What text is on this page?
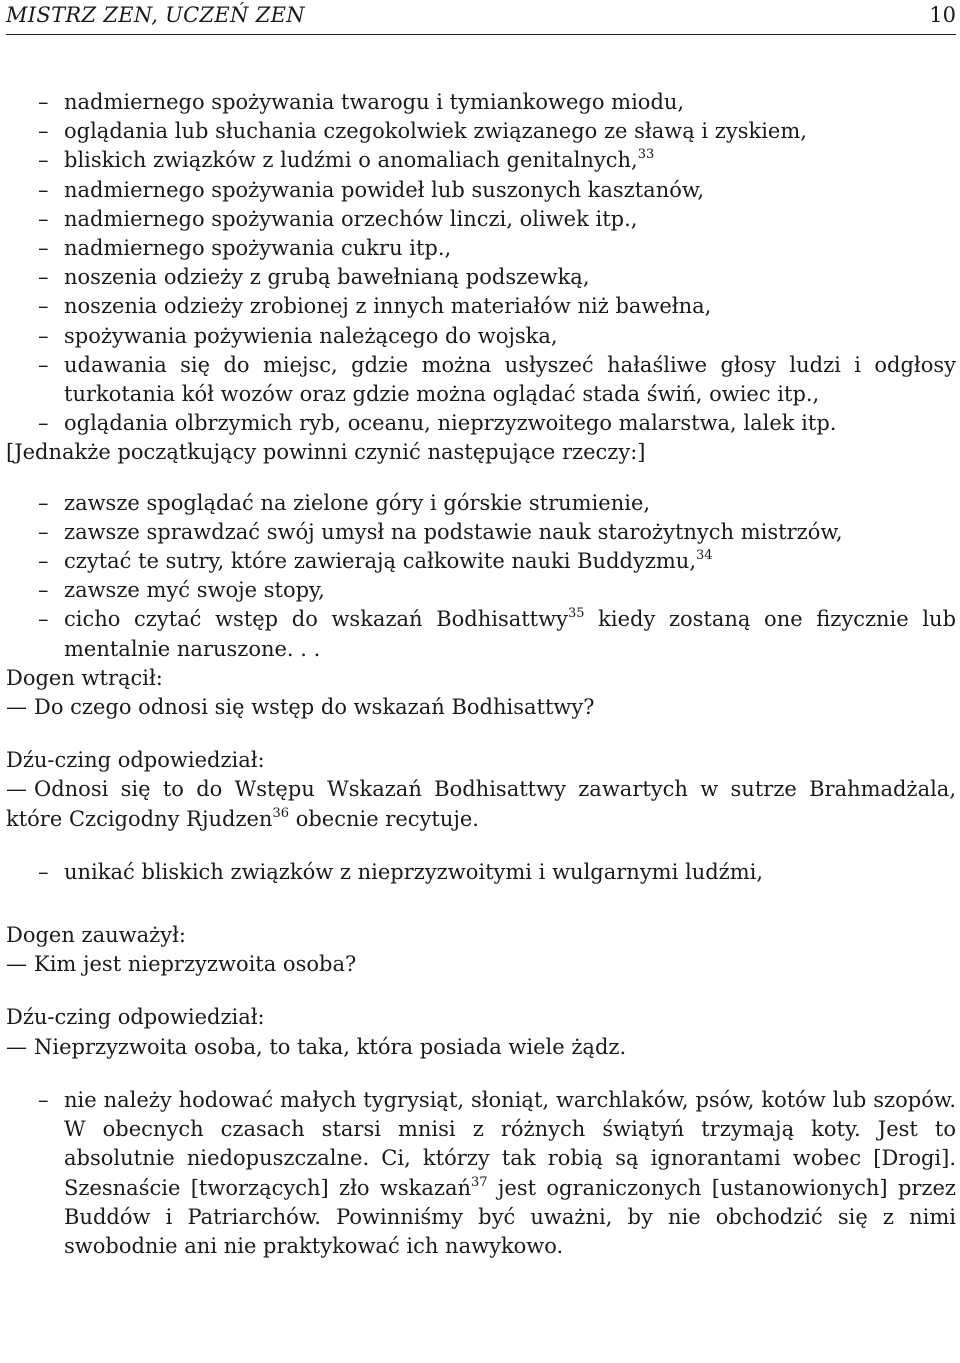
MISTRZ ZEN, UCZEŃ ZEN	10
– nadmiernego spożywania twarogu i tymiankowego miodu,
– oglądania lub słuchania czegokolwiek związanego ze sławą i zyskiem,
– bliskich związków z ludźmi o anomaliach genitalnych,$^{33}$
– nadmiernego spożywania powideł lub suszonych kasztanów,
– nadmiernego spożywania orzechów linczi, oliwek itp.,
– nadmiernego spożywania cukru itp.,
– noszenia odzieży z grubą bawełnianą podszewką,
– noszenia odzieży zrobionej z innych materiałów niż bawełna,
– spożywania pożywienia należącego do wojska,
– udawania się do miejsc, gdzie można usłyszeć hałaśliwe głosy ludzi i odgłosy turkotania kół wozów oraz gdzie można oglądać stada świń, owiec itp.,
– oglądania olbrzymich ryb, oceanu, nieprzyzwoitego malarstwa, lalek itp.

[Jednakże początkujący powinni czynić następujące rzeczy:]

– zawsze spoglądać na zielone góry i górskie strumienie,
– zawsze sprawdzać swój umysł na podstawie nauk starożytnych mistrzów,
– czytać te sutry, które zawierają całkowite nauki Buddyzmu,$^{34}$
– zawsze myć swoje stopy,
– cicho czytać wstęp do wskazań Bodhisattwy$^{35}$ kiedy zostaną one fizycznie lub mentalnie naruszone. . .

Dogen wtrącił:

— Do czego odnosi się wstęp do wskazań Bodhisattwy?

Dźu-czing odpowiedział:

— Odnosi się to do Wstępu Wskazań Bodhisattwy zawartych w sutrze Brahmadżala, które Czcigodny Rjudzen$^{36}$ obecnie recytuje.

– unikać bliskich związków z nieprzyzwoitymi i wulgarnymi ludźmi,

Dogen zauważył:

— Kim jest nieprzyzwoita osoba?

Dźu-czing odpowiedział:

— Nieprzyzwoita osoba, to taka, która posiada wiele żądz.

– nie należy hodować małych tygrysiąt, słoniąt, warchlaków, psów, kotów lub szopów. W obecnych czasach starsi mnisi z różnych świątyń trzymają koty. Jest to absolutnie niedopuszczalne. Ci, którzy tak robią są ignorantami wobec [Drogi]. Szesnaście [tworzących] zło wskazań$^{37}$ jest ograniczonych [ustanowionych] przez Buddów i Patriarchów. Powinniśmy być uważni, by nie obchodzić się z nimi swobodnie ani nie praktykować ich nawykowo.
